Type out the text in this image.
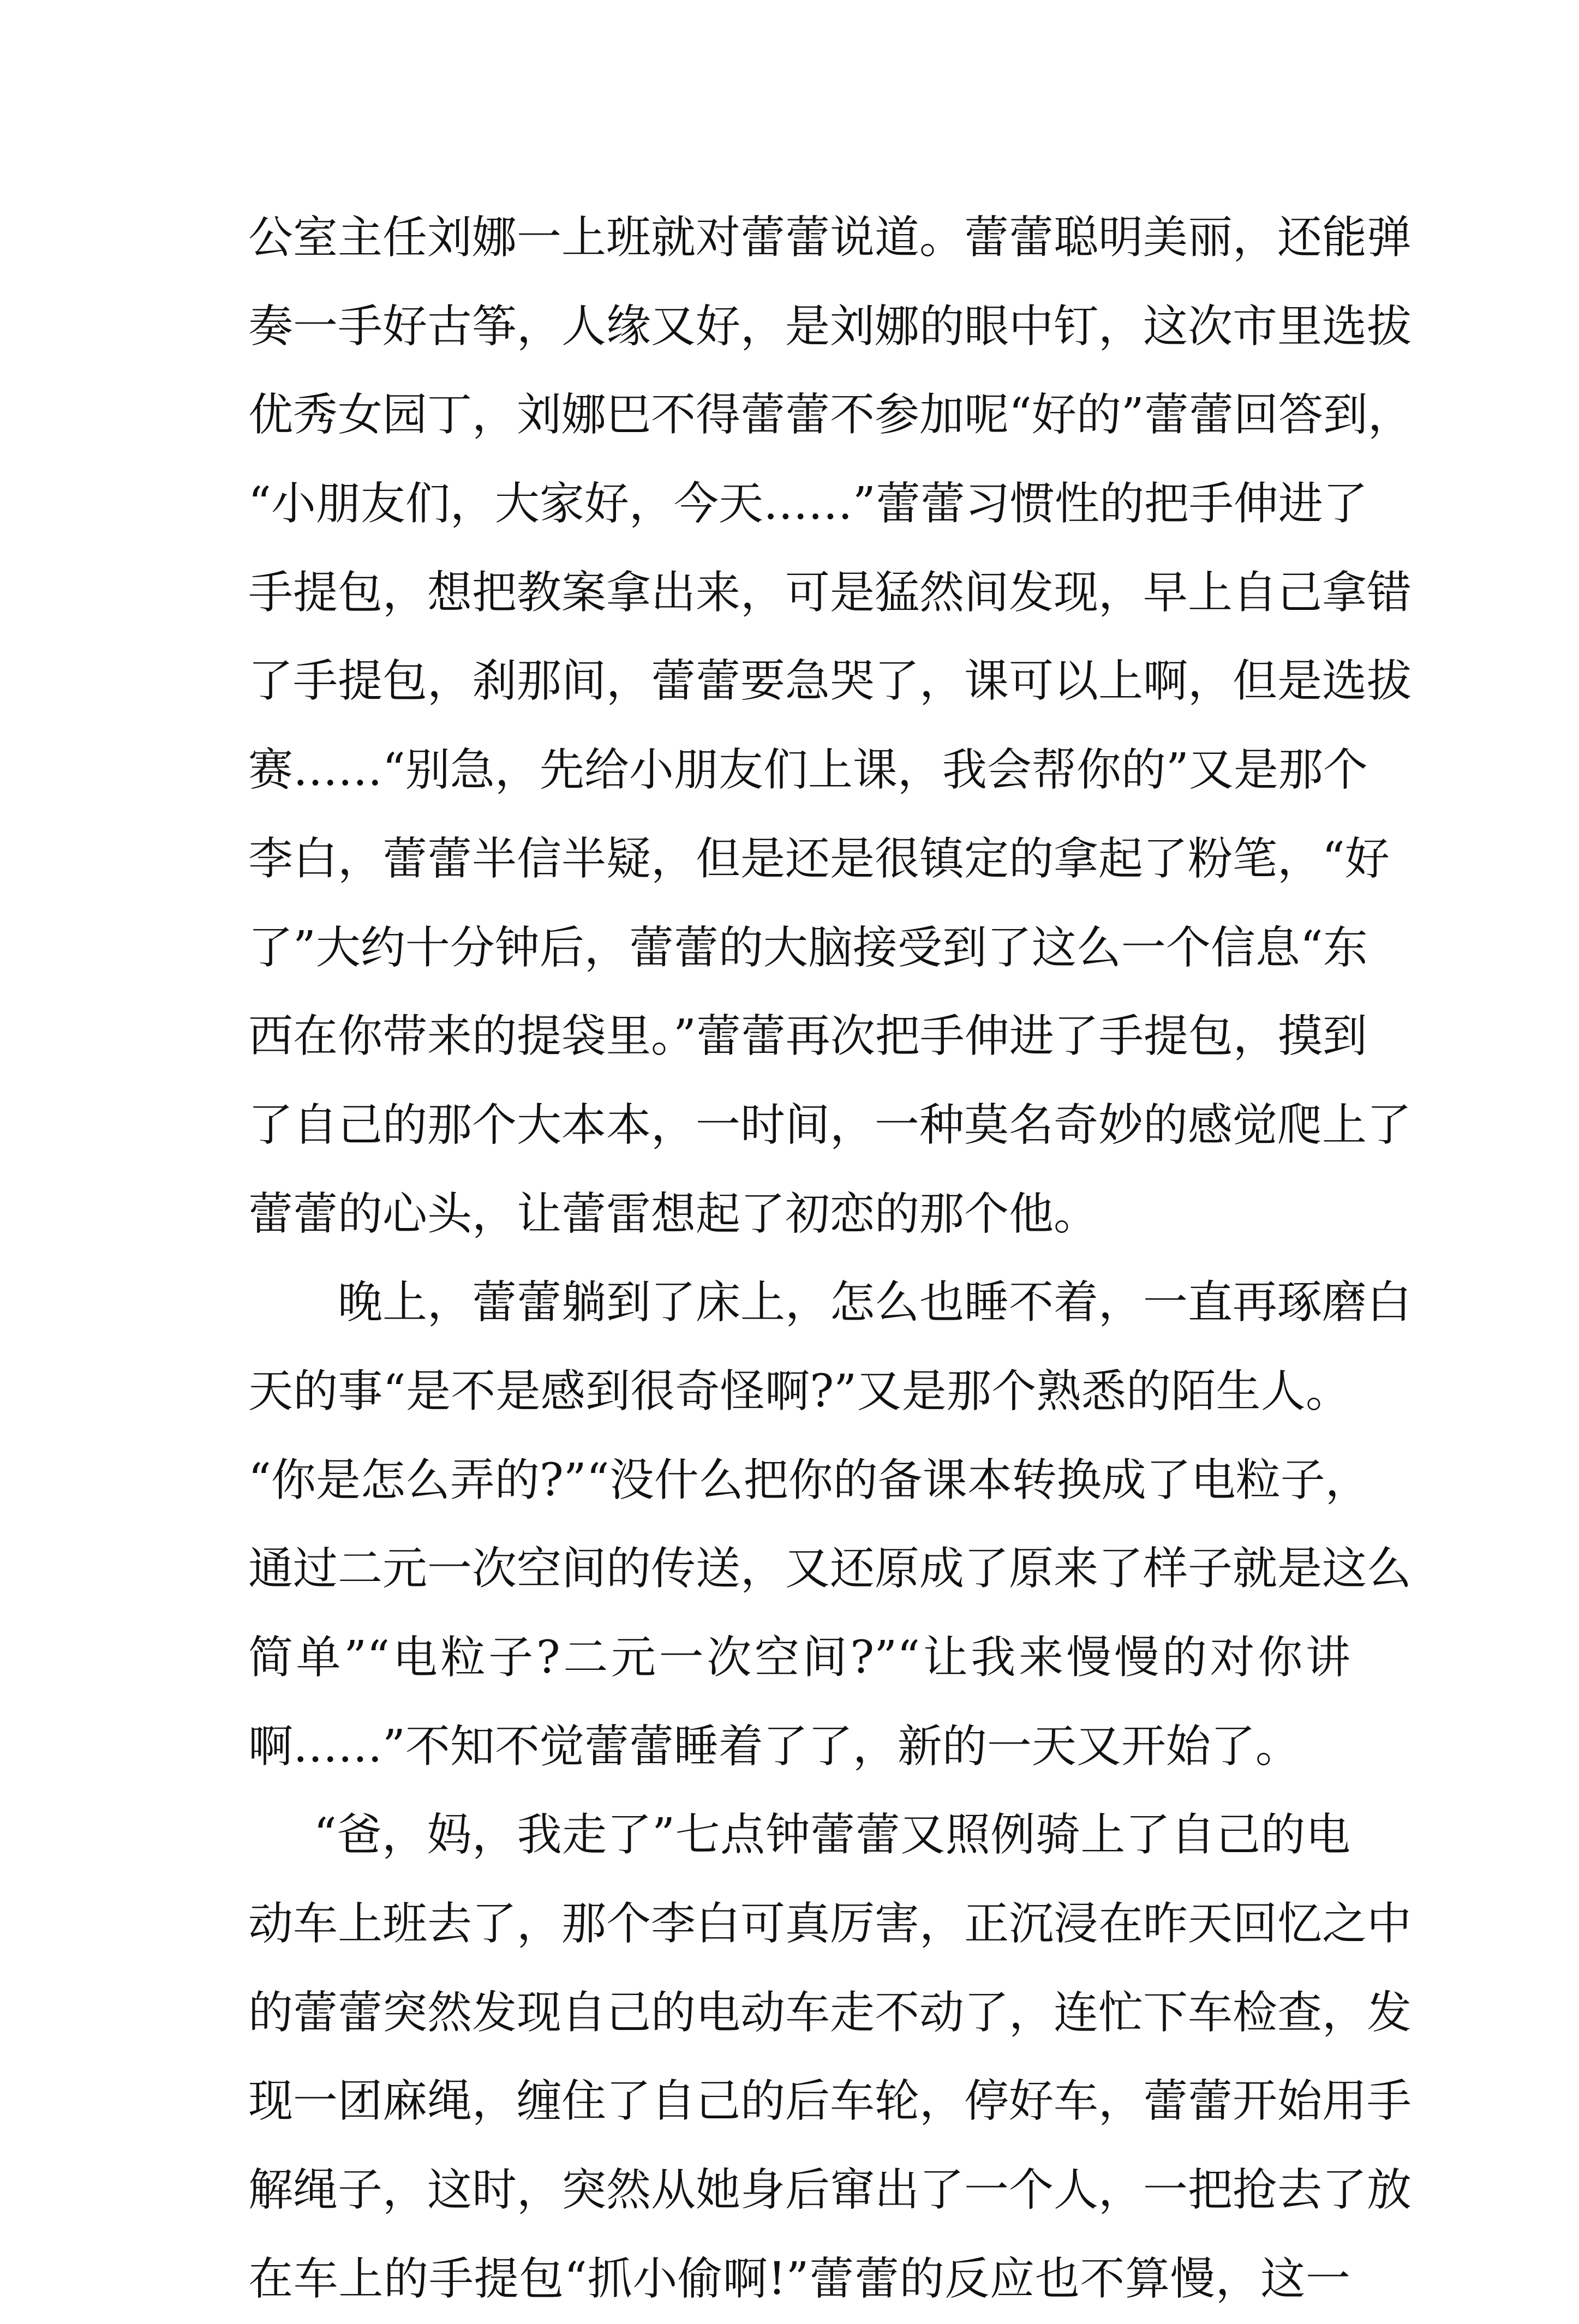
公室主任刘娜一上班就对蕾蕾说道。蕾蕾聪明美丽，还能弹
奏一手好古筝，人缘又好，是刘娜的眼中钉，这次市里选拔
优秀女园丁，刘娜巴不得蕾蕾不参加呢“好的”蕾蕾回答到，
“小朋友们，大家好，今天……”蕾蕾习惯性的把手伸进了
手提包，想把教案拿出来，可是猛然间发现，早上自己拿错
了手提包，刹那间，蕾蕾要急哭了，课可以上啊，但是选拔
赛……“别急，先给小朋友们上课，我会帮你的”又是那个
李白，蕾蕾半信半疑，但是还是很镇定的拿起了粉笔，“好
了”大约十分钟后，蕾蕾的大脑接受到了这么一个信息“东
西在你带来的提袋里。”蕾蕾再次把手伸进了手提包，摸到
了自己的那个大本本，一时间，一种莫名奇妙的感觉爬上了
蕾蕾的心头，让蕾雷想起了初恋的那个他。
晚上，蕾蕾躺到了床上，怎么也睡不着，一直再琢磨白
天的事“是不是感到很奇怪啊?”又是那个熟悉的陌生人。
“你是怎么弄的?”“没什么把你的备课本转换成了电粒子，
通过二元一次空间的传送，又还原成了原来了样子就是这么
简单”“电粒子?二元一次空间?”“让我来慢慢的对你讲
啊……”不知不觉蕾蕾睡着了了，新的一天又开始了。
“爸，妈，我走了”七点钟蕾蕾又照例骑上了自己的电
动车上班去了，那个李白可真厉害，正沉浸在昨天回忆之中
的蕾蕾突然发现自己的电动车走不动了，连忙下车检查，发
现一团麻绳，缠住了自己的后车轮，停好车，蕾蕾开始用手
解绳子，这时，突然从她身后窜出了一个人，一把抢去了放
在车上的手提包“抓小偷啊!”蕾蕾的反应也不算慢，这一
